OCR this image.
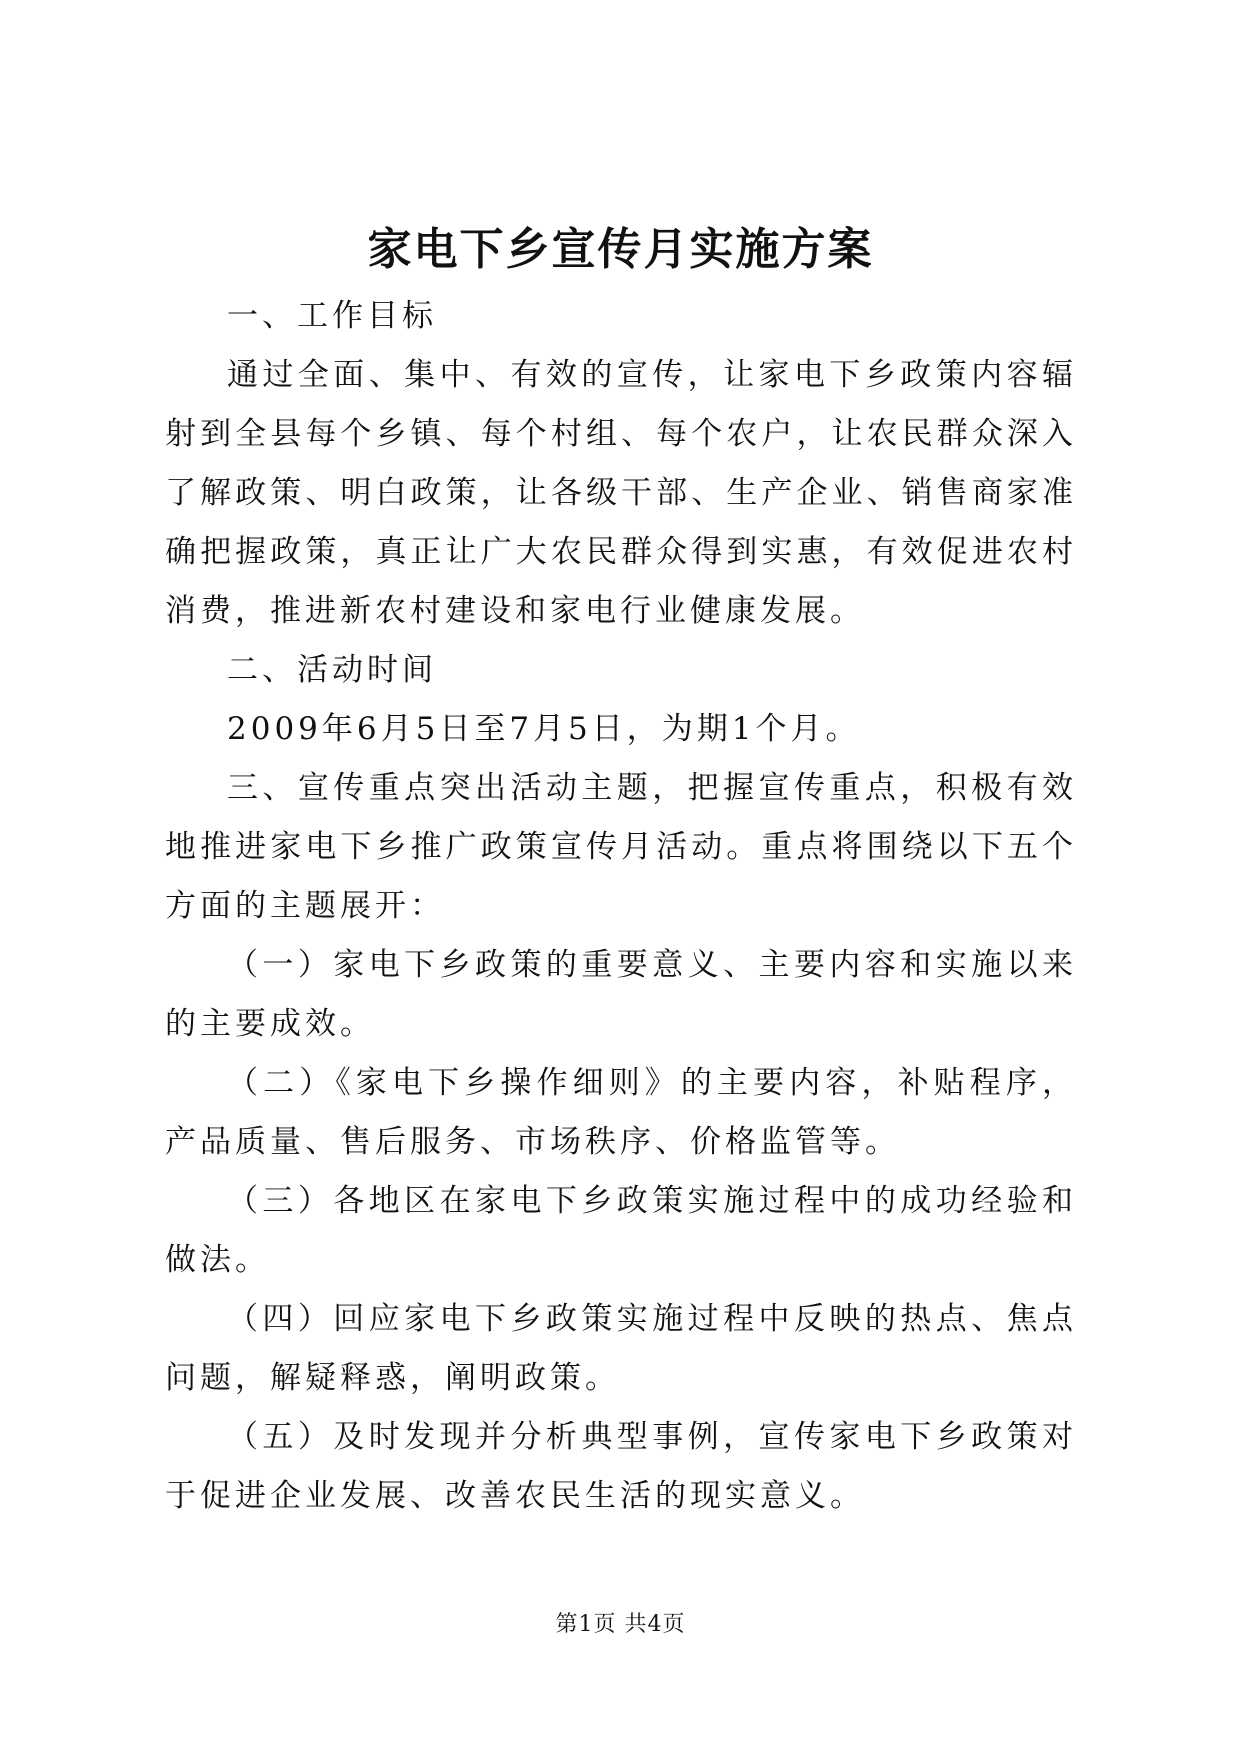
家电下乡宣传月实施方案

一、工作目标

通过全面、集中、有效的宣传，让家电下乡政策内容辐射到全县每个乡镇、每个村组、每个农户，让农民群众深入了解政策、明白政策，让各级干部、生产企业、销售商家准确把握政策，真正让广大农民群众得到实惠，有效促进农村消费，推进新农村建设和家电行业健康发展。

二、活动时间

2009年6月5日至7月5日，为期1个月。

三、宣传重点突出活动主题，把握宣传重点，积极有效地推进家电下乡推广政策宣传月活动。重点将围绕以下五个方面的主题展开：

（一）家电下乡政策的重要意义、主要内容和实施以来的主要成效。

（二）《家电下乡操作细则》的主要内容，补贴程序，产品质量、售后服务、市场秩序、价格监管等。

（三）各地区在家电下乡政策实施过程中的成功经验和做法。

（四）回应家电下乡政策实施过程中反映的热点、焦点问题，解疑释惑，阐明政策。

（五）及时发现并分析典型事例，宣传家电下乡政策对于促进企业发展、改善农民生活的现实意义。

第1页 共4页
